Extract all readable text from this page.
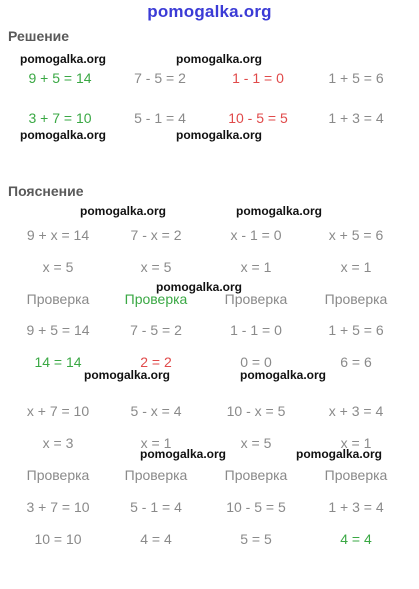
pomogalka.org
Решение
pomogalka.org	pomogalka.org
9 + 5 = 14	7 - 5 = 2	1 - 1 = 0	1 + 5 = 6
3 + 7 = 10	5 - 1 = 4	10 - 5 = 5	1 + 3 = 4
pomogalka.org	pomogalka.org
Пояснение
pomogalka.org	pomogalka.org
9 + x = 14	7 - x = 2	x - 1 = 0	x + 5 = 6
x = 5	x = 5	x = 1	x = 1
pomogalka.org
Проверка	Проверка	Проверка	Проверка
9 + 5 = 14	7 - 5 = 2	1 - 1 = 0	1 + 5 = 6
14 = 14	2 = 2	0 = 0	6 = 6
pomogalka.org	pomogalka.org
x + 7 = 10	5 - x = 4	10 - x = 5	x + 3 = 4
x = 3	x = 1	x = 5	x = 1
pomogalka.org	pomogalka.org
Проверка	Проверка	Проверка	Проверка
3 + 7 = 10	5 - 1 = 4	10 - 5 = 5	1 + 3 = 4
10 = 10	4 = 4	5 = 5	4 = 4
